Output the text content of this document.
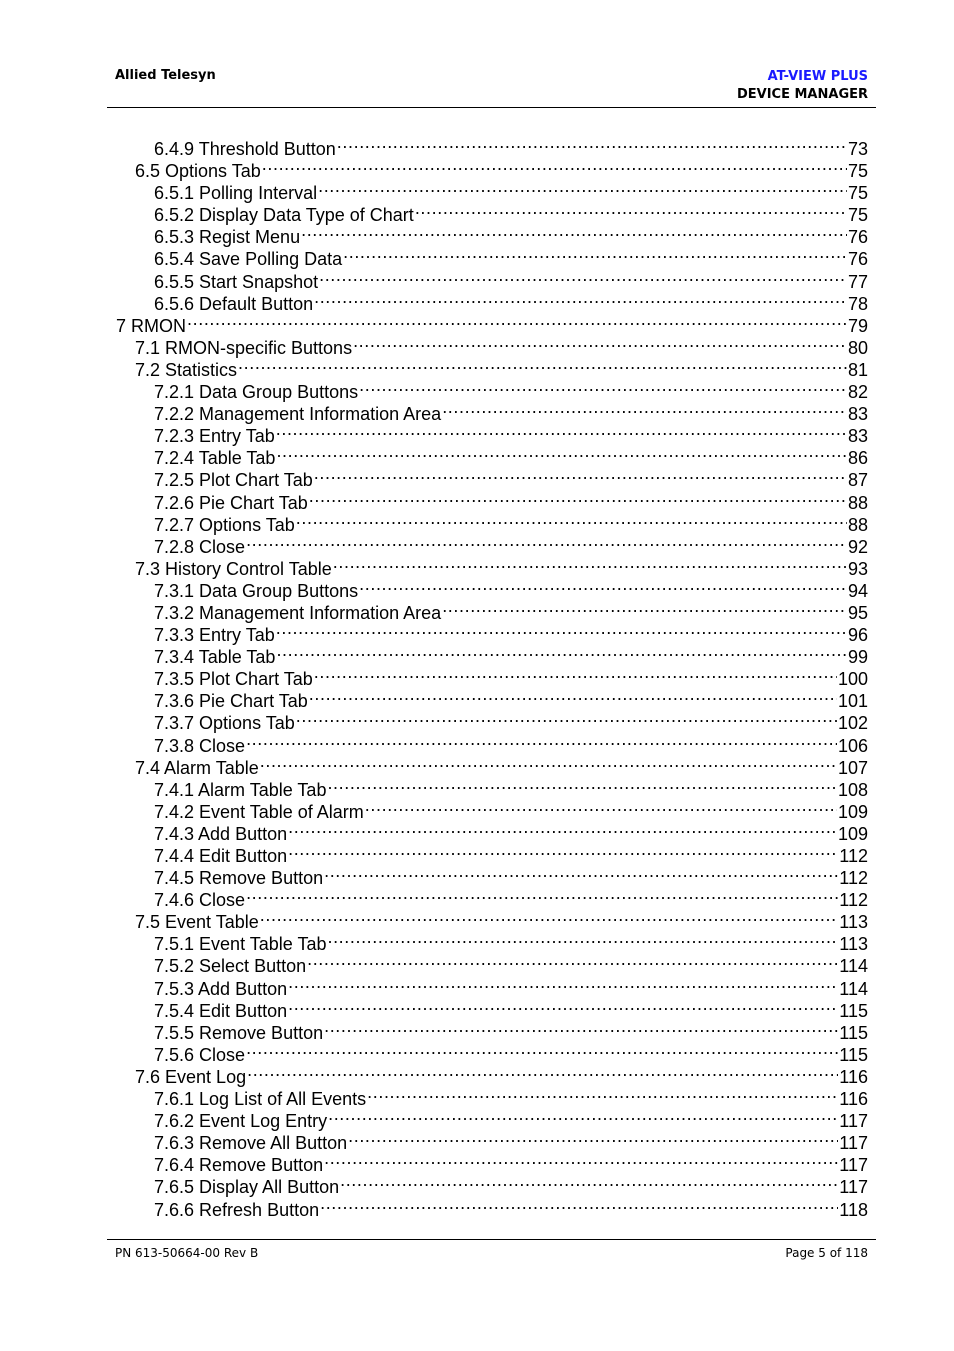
Allied Telesyn	AT-VIEW PLUS
DEVICE MANAGER
6.4.9 Threshold Button .....	73
6.5 Options Tab .....	75
6.5.1 Polling Interval .....	75
6.5.2 Display Data Type of Chart .....	75
6.5.3 Regist Menu .....	76
6.5.4 Save Polling Data .....	76
6.5.5 Start Snapshot .....	77
6.5.6 Default Button .....	78
7 RMON .....	79
7.1 RMON-specific Buttons .....	80
7.2 Statistics .....	81
7.2.1 Data Group Buttons .....	82
7.2.2 Management Information Area .....	83
7.2.3 Entry Tab .....	83
7.2.4 Table Tab .....	86
7.2.5 Plot Chart Tab .....	87
7.2.6 Pie Chart Tab .....	88
7.2.7 Options Tab .....	88
7.2.8 Close .....	92
7.3 History Control Table .....	93
7.3.1 Data Group Buttons .....	94
7.3.2 Management Information Area .....	95
7.3.3 Entry Tab .....	96
7.3.4 Table Tab .....	99
7.3.5 Plot Chart Tab .....	100
7.3.6 Pie Chart Tab .....	101
7.3.7 Options Tab .....	102
7.3.8 Close .....	106
7.4 Alarm Table .....	107
7.4.1 Alarm Table Tab .....	108
7.4.2 Event Table of Alarm .....	109
7.4.3 Add Button .....	109
7.4.4 Edit Button .....	112
7.4.5 Remove Button .....	112
7.4.6 Close .....	112
7.5 Event Table .....	113
7.5.1 Event Table Tab .....	113
7.5.2 Select Button .....	114
7.5.3 Add Button .....	114
7.5.4 Edit Button .....	115
7.5.5 Remove Button .....	115
7.5.6 Close .....	115
7.6 Event Log .....	116
7.6.1 Log List of All Events .....	116
7.6.2 Event Log Entry .....	117
7.6.3 Remove All Button .....	117
7.6.4 Remove Button .....	117
7.6.5 Display All Button .....	117
7.6.6 Refresh Button .....	118
PN 613-50664-00 Rev B	Page 5 of 118
